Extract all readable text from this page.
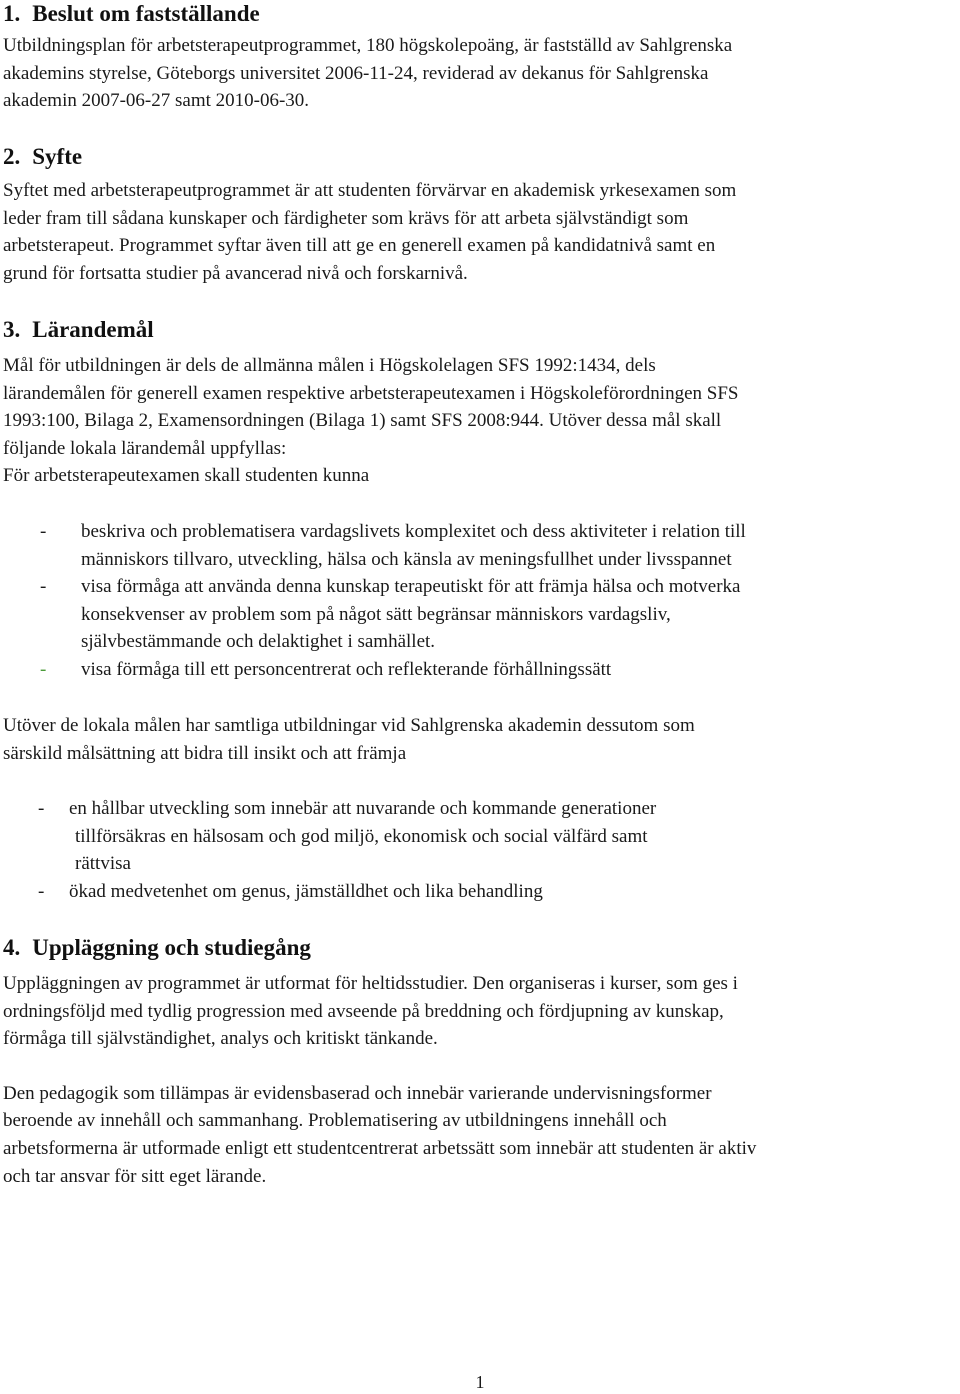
1. Beslut om fastställande

Utbildningsplan för arbetsterapeutprogrammet, 180 högskolepoäng, är fastställd av Sahlgrenska

akademins styrelse, Göteborgs universitet 2006-11-24, reviderad av dekanus för Sahlgrenska

akademin 2007-06-27 samt 2010-06-30.

2. Syfte

Syftet med arbetsterapeutprogrammet är att studenten förvärvar en akademisk yrkesexamen som

leder fram till sådana kunskaper och färdigheter som krävs för att arbeta självständigt som

arbetsterapeut. Programmet syftar även till att ge en generell examen på kandidatnivå samt en

grund för fortsatta studier på avancerad nivå och forskarnivå.

3. Lärandemål

Mål för utbildningen är dels de allmänna målen i Högskolelagen SFS 1992:1434, dels

lärandemålen för generell examen respektive arbetsterapeutexamen i Högskoleförordningen SFS

1993:100, Bilaga 2, Examensordningen (Bilaga 1) samt SFS 2008:944. Utöver dessa mål skall

följande lokala lärandemål uppfyllas:

För arbetsterapeutexamen skall studenten kunna

-	beskriva och problematisera vardagslivets komplexitet och dess aktiviteter i relation till
människors tillvaro, utveckling, hälsa och känsla av meningsfullhet under livsspannet
-	visa förmåga att använda denna kunskap terapeutiskt för att främja hälsa och motverka
konsekvenser av problem som på något sätt begränsar människors vardagsliv,
självbestämmande och delaktighet i samhället.
-	visa förmåga till ett personcentrerat och reflekterande förhållningssätt

Utöver de lokala målen har samtliga utbildningar vid Sahlgrenska akademin dessutom som

särskild målsättning att bidra till insikt och att främja

-	en hållbar utveckling som innebär att nuvarande och kommande generationer
tillförsäkras en hälsosam och god miljö, ekonomisk och social välfärd samt
rättvisa
-	ökad medvetenhet om genus, jämställdhet och lika behandling
4. Uppläggning och studiegång

Uppläggningen av programmet är utformat för heltidsstudier. Den organiseras i kurser, som ges i

ordningsföljd med tydlig progression med avseende på breddning och fördjupning av kunskap,

förmåga till självständighet, analys och kritiskt tänkande.

Den pedagogik som tillämpas är evidensbaserad och innebär varierande undervisningsformer

beroende av innehåll och sammanhang. Problematisering av utbildningens innehåll och

arbetsformerna är utformade enligt ett studentcentrerat arbetssätt som innebär att studenten är aktiv

och tar ansvar för sitt eget lärande.

1
